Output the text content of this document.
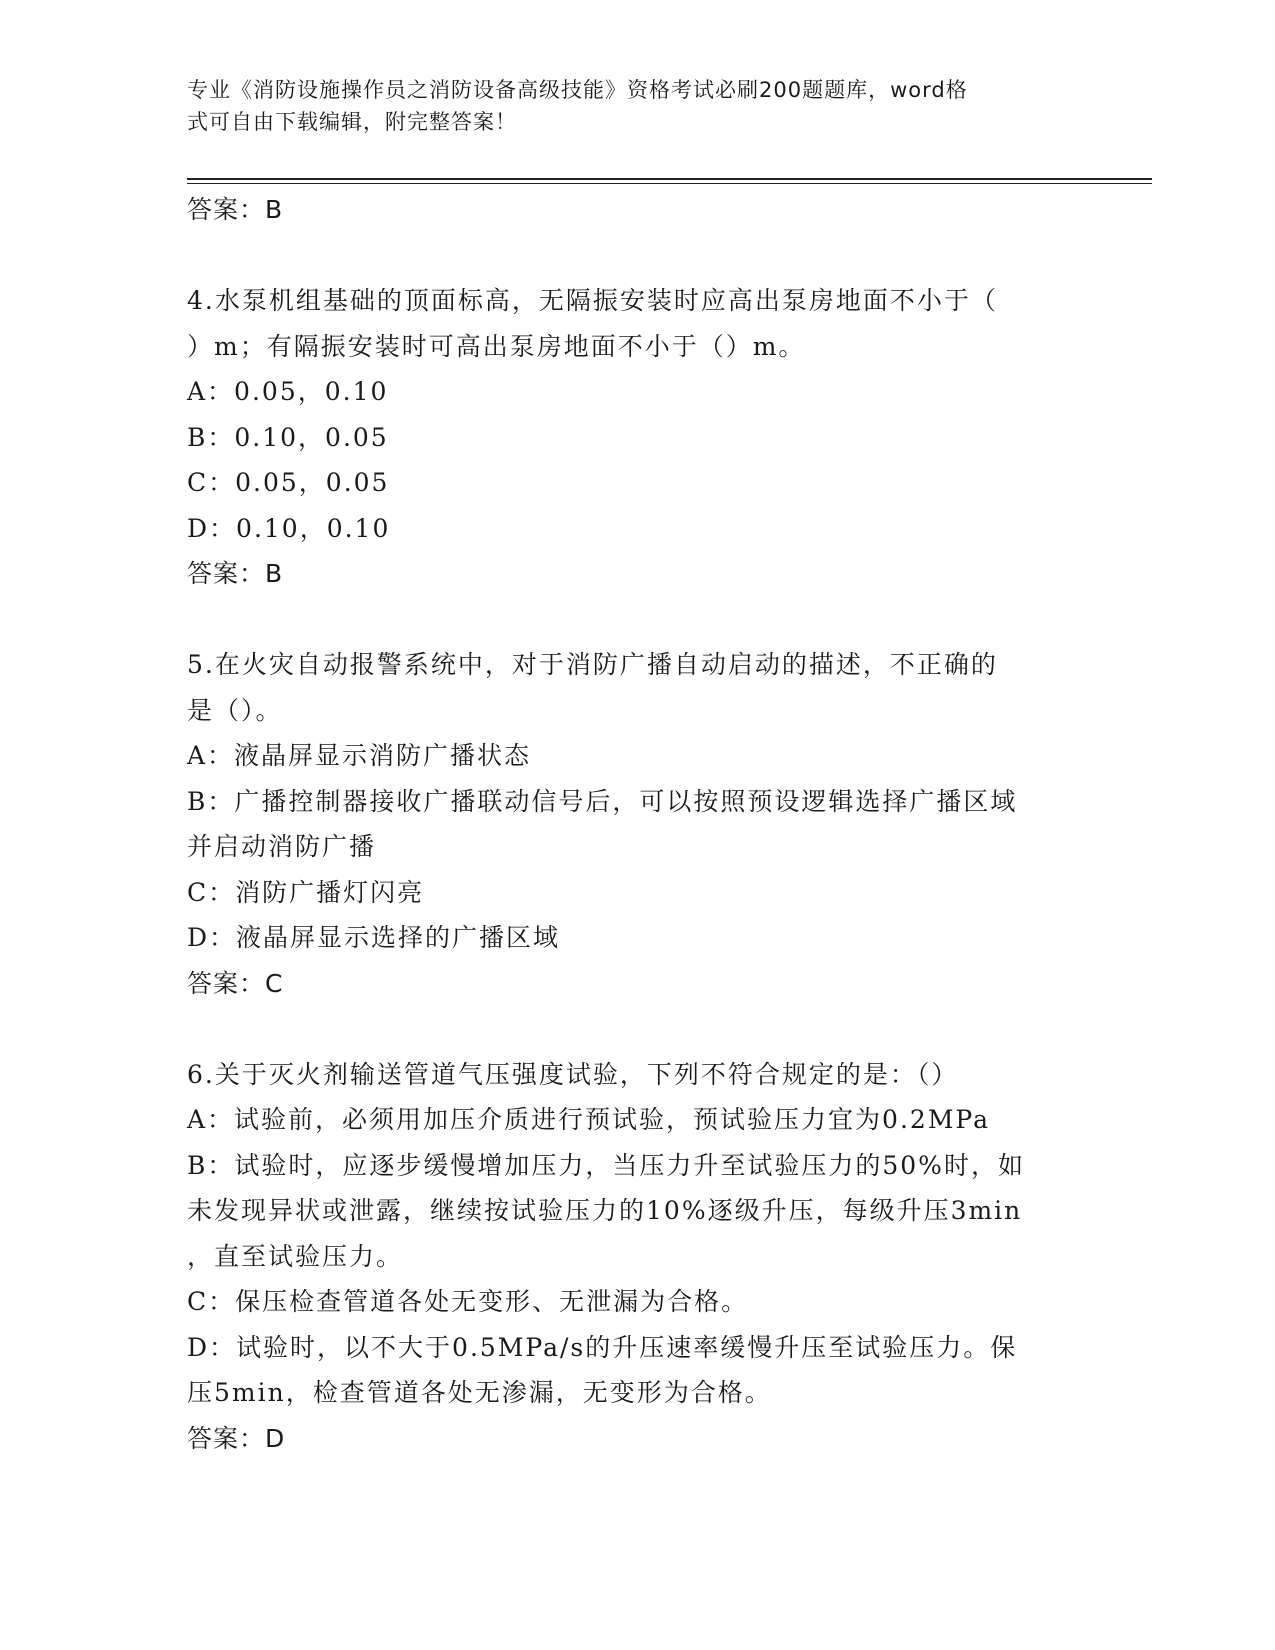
专业《消防设施操作员之消防设备高级技能》资格考试必刷200题题库，word格
式可自由下载编辑，附完整答案！
答案：B
4.水泵机组基础的顶面标高，无隔振安装时应高出泵房地面不小于（
）m；有隔振安装时可高出泵房地面不小于（）m。
A：0.05，0.10
B：0.10，0.05
C：0.05，0.05
D：0.10，0.10
答案：B
5.在火灾自动报警系统中，对于消防广播自动启动的描述，不正确的
是（）。
A：液晶屏显示消防广播状态
B：广播控制器接收广播联动信号后，可以按照预设逻辑选择广播区域
并启动消防广播
C：消防广播灯闪亮
D：液晶屏显示选择的广播区域
答案：C
6.关于灭火剂输送管道气压强度试验，下列不符合规定的是：（）
A：试验前，必须用加压介质进行预试验，预试验压力宜为0.2MPa
B：试验时，应逐步缓慢增加压力，当压力升至试验压力的50%时，如
未发现异状或泄露，继续按试验压力的10%逐级升压，每级升压3min
，直至试验压力。
C：保压检查管道各处无变形、无泄漏为合格。
D：试验时，以不大于0.5MPa/s的升压速率缓慢升压至试验压力。保
压5min，检查管道各处无渗漏，无变形为合格。
答案：D
